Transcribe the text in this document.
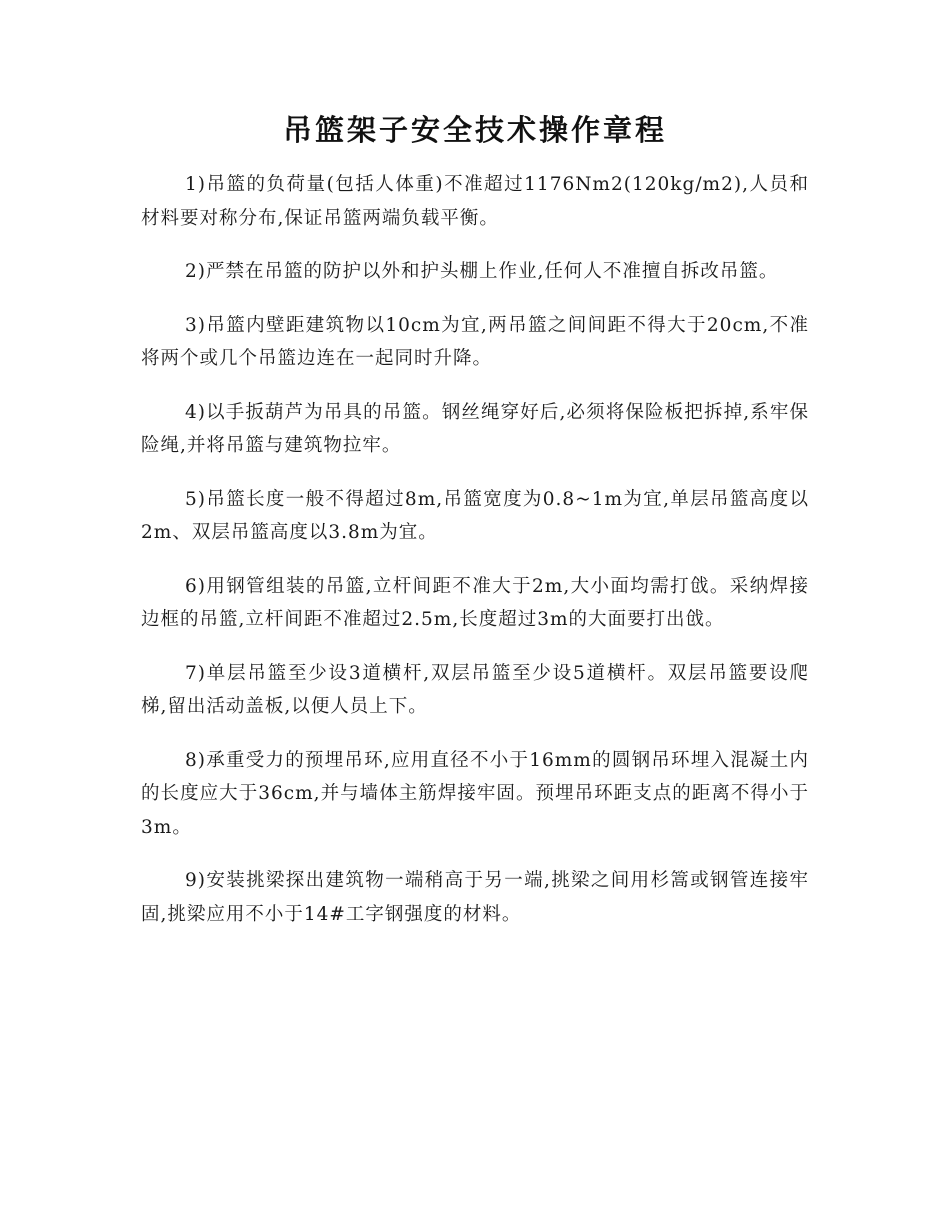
吊篮架子安全技术操作章程

1)吊篮的负荷量(包括人体重)不准超过1176Nm2(120kg/m2),人员和材料要对称分布,保证吊篮两端负载平衡。

2)严禁在吊篮的防护以外和护头棚上作业,任何人不准擅自拆改吊篮。

3)吊篮内壁距建筑物以10cm为宜,两吊篮之间间距不得大于20cm,不准将两个或几个吊篮边连在一起同时升降。

4)以手扳葫芦为吊具的吊篮。钢丝绳穿好后,必须将保险板把拆掉,系牢保险绳,并将吊篮与建筑物拉牢。

5)吊篮长度一般不得超过8m,吊篮宽度为0.8~1m为宜,单层吊篮高度以2m、双层吊篮高度以3.8m为宜。

6)用钢管组装的吊篮,立杆间距不准大于2m,大小面均需打戗。采纳焊接边框的吊篮,立杆间距不准超过2.5m,长度超过3m的大面要打出戗。

7)单层吊篮至少设3道横杆,双层吊篮至少设5道横杆。双层吊篮要设爬梯,留出活动盖板,以便人员上下。

8)承重受力的预埋吊环,应用直径不小于16mm的圆钢吊环埋入混凝土内的长度应大于36cm,并与墙体主筋焊接牢固。预埋吊环距支点的距离不得小于3m。

9)安装挑梁探出建筑物一端稍高于另一端,挑梁之间用杉篙或钢管连接牢固,挑梁应用不小于14#工字钢强度的材料。
